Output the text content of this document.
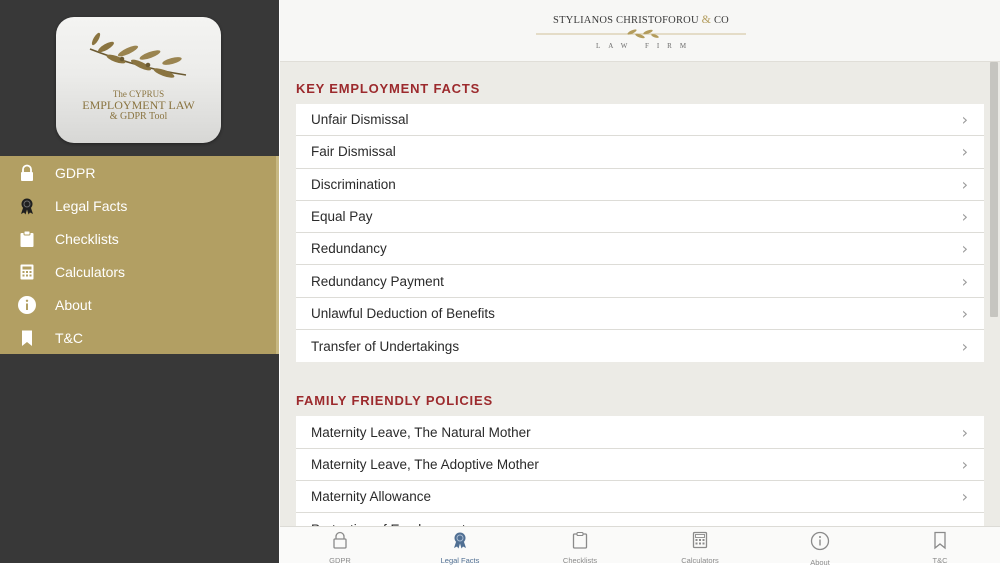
The CYPRUS
EMPLOYMENT LAW
& GDPR Tool
GDPR
Legal Facts
Checklists
Calculators
About
T&C
STYLIANOS CHRISTOFOROU & CO
LAW FIRM
KEY EMPLOYMENT FACTS
Unfair Dismissal	›
Fair Dismissal	›
Discrimination	›
Equal Pay	›
Redundancy	›
Redundancy Payment	›
Unlawful Deduction of Benefits	›
Transfer of Undertakings	›
FAMILY FRIENDLY POLICIES
Maternity Leave, The Natural Mother	›
Maternity Leave, The Adoptive Mother	›
Maternity Allowance	›
GDPR	Legal Facts	Checklists	Calculators	About	T&C
